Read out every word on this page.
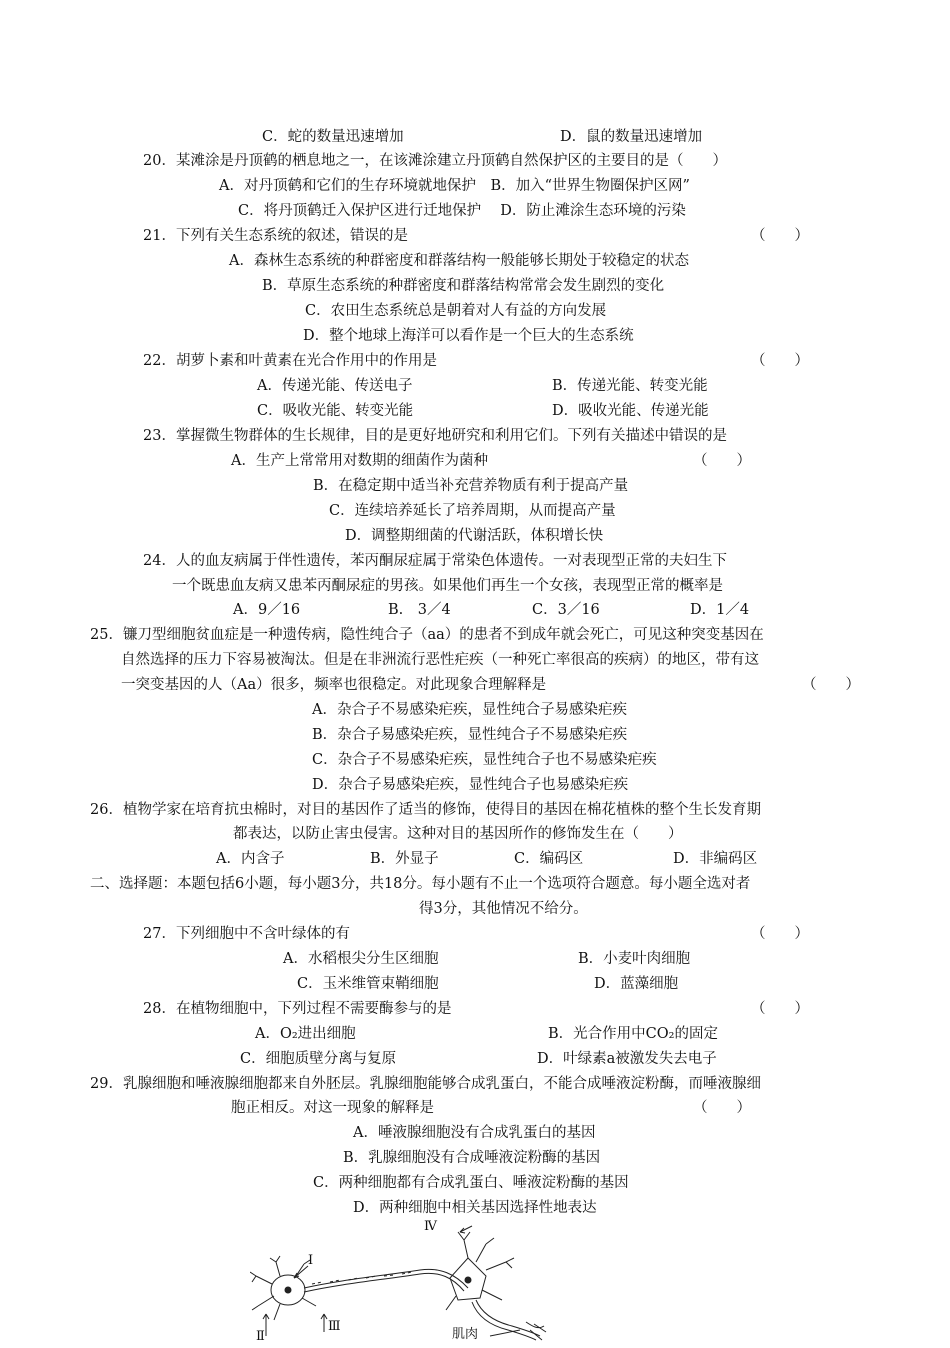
C．蛇的数量迅速增加	D．鼠的数量迅速增加
20．某滩涂是丹顶鹤的栖息地之一，在该滩涂建立丹顶鹤自然保护区的主要目的是（　　）
A．对丹顶鹤和它们的生存环境就地保护　B．加入“世界生物圈保护区网”
C．将丹顶鹤迁入保护区进行迁地保护　 D．防止滩涂生态环境的污染
21．下列有关生态系统的叙述，错误的是	（　　）
A．森林生态系统的种群密度和群落结构一般能够长期处于较稳定的状态
B．草原生态系统的种群密度和群落结构常常会发生剧烈的变化
C．农田生态系统总是朝着对人有益的方向发展
D．整个地球上海洋可以看作是一个巨大的生态系统
22．胡萝卜素和叶黄素在光合作用中的作用是	（　　）
A．传递光能、传送电子	B．传递光能、转变光能
C．吸收光能、转变光能	D．吸收光能、传递光能
23．掌握微生物群体的生长规律，目的是更好地研究和利用它们。下列有关描述中错误的是
A．生产上常常用对数期的细菌作为菌种	（　　）
B．在稳定期中适当补充营养物质有利于提高产量
C．连续培养延长了培养周期，从而提高产量
D．调整期细菌的代谢活跃，体积增长快
24．人的血友病属于伴性遗传，苯丙酮尿症属于常染色体遗传。一对表现型正常的夫妇生下
一个既患血友病又患苯丙酮尿症的男孩。如果他们再生一个女孩，表现型正常的概率是
A．9／16	B.　3／4	C．3／16	D．1／4
25．镰刀型细胞贫血症是一种遗传病，隐性纯合子（aa）的患者不到成年就会死亡，可见这种突变基因在
自然选择的压力下容易被淘汰。但是在非洲流行恶性疟疾（一种死亡率很高的疾病）的地区，带有这
一突变基因的人（Aa）很多，频率也很稳定。对此现象合理解释是	（　　）
A．杂合子不易感染疟疾，显性纯合子易感染疟疾
B．杂合子易感染疟疾，显性纯合子不易感染疟疾
C．杂合子不易感染疟疾，显性纯合子也不易感染疟疾
D．杂合子易感染疟疾，显性纯合子也易感染疟疾
26．植物学家在培育抗虫棉时，对目的基因作了适当的修饰，使得目的基因在棉花植株的整个生长发育期
都表达，以防止害虫侵害。这种对目的基因所作的修饰发生在（　　）
A．内含子	B．外显子	C．编码区	D．非编码区
二、选择题：本题包括6小题，每小题3分，共18分。每小题有不止一个选项符合题意。每小题全选对者
得3分，其他情况不给分。
27．下列细胞中不含叶绿体的有	（　　）
A．水稻根尖分生区细胞	B．小麦叶肉细胞
C．玉米维管束鞘细胞	D．蓝藻细胞
28．在植物细胞中，下列过程不需要酶参与的是	（　　）
A．O₂进出细胞	B．光合作用中CO₂的固定
C．细胞质壁分离与复原	D．叶绿素a被激发失去电子
29．乳腺细胞和唾液腺细胞都来自外胚层。乳腺细胞能够合成乳蛋白，不能合成唾液淀粉酶，而唾液腺细
胞正相反。对这一现象的解释是	（　　）
A．唾液腺细胞没有合成乳蛋白的基因
B．乳腺细胞没有合成唾液淀粉酶的基因
C．两种细胞都有合成乳蛋白、唾液淀粉酶的基因
D．两种细胞中相关基因选择性地表达
Ⅰ
Ⅱ
Ⅲ
Ⅳ
肌肉
